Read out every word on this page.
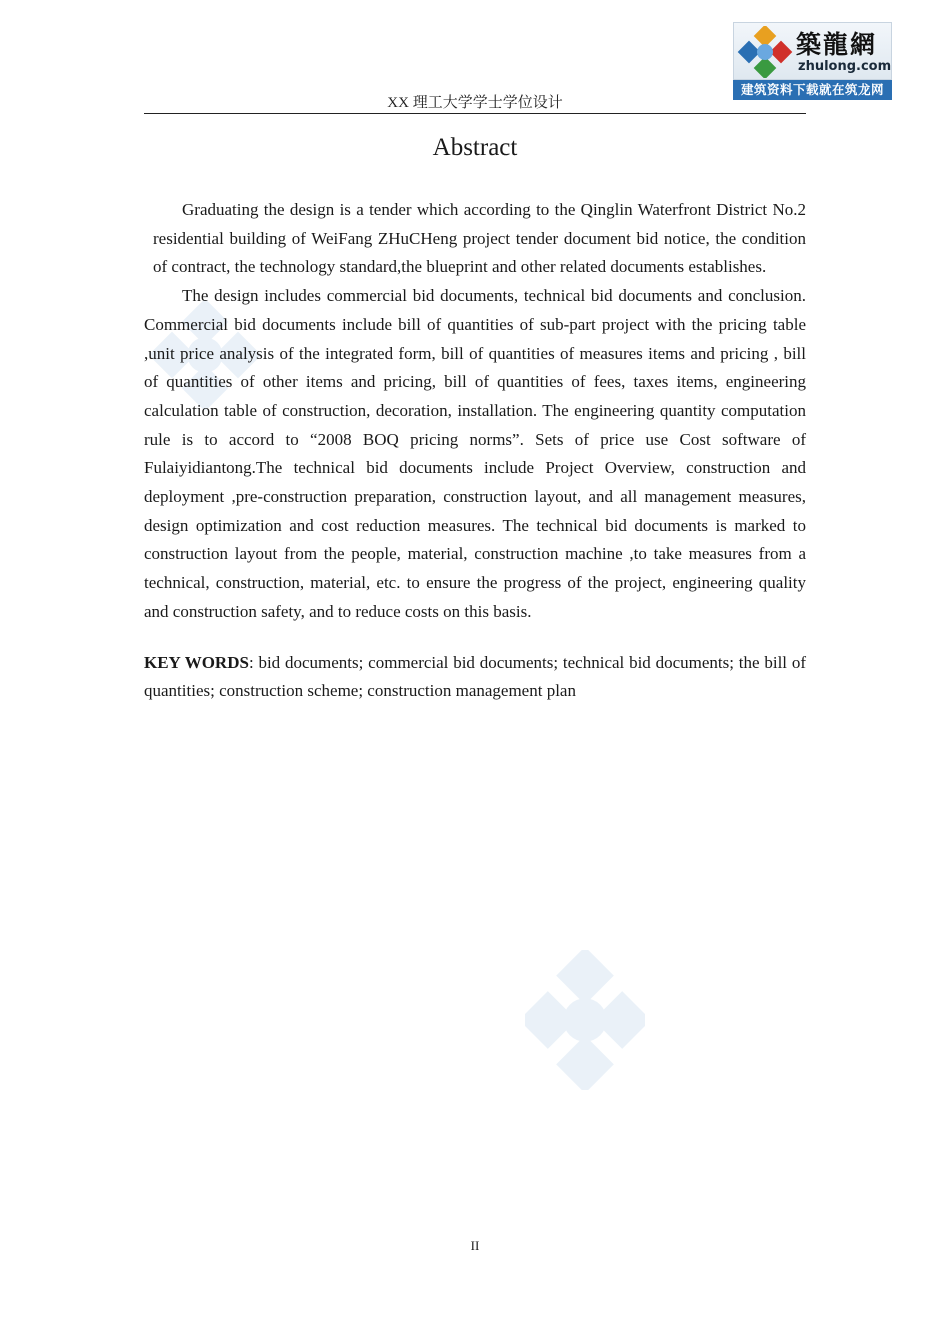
築龍網
zhulong.com
建筑资料下载就在筑龙网
XX 理工大学学士学位设计
Abstract

Graduating the design is a tender which according to the Qinglin Waterfront District No.2 residential building of WeiFang ZHuCHeng project tender document bid notice, the condition of contract, the technology standard,the blueprint and other related documents establishes.

The design includes commercial bid documents, technical bid documents and conclusion. Commercial bid documents include bill of quantities of sub-part project with the pricing table ,unit price analysis of the integrated form, bill of quantities of measures items and pricing , bill of quantities of other items and pricing, bill of quantities of fees, taxes items, engineering calculation table of construction, decoration, installation. The engineering quantity computation rule is to accord to “2008 BOQ pricing norms”. Sets of price use Cost software of Fulaiyidiantong.The technical bid documents include Project Overview, construction and deployment ,pre-construction preparation, construction layout, and all management measures, design optimization and cost reduction measures. The technical bid documents is marked to construction layout from the people, material, construction machine ,to take measures from a technical, construction, material, etc. to ensure the progress of the project, engineering quality and construction safety, and to reduce costs on this basis.

KEY WORDS: bid documents; commercial bid documents; technical bid documents; the bill of quantities; construction scheme; construction management plan

II
